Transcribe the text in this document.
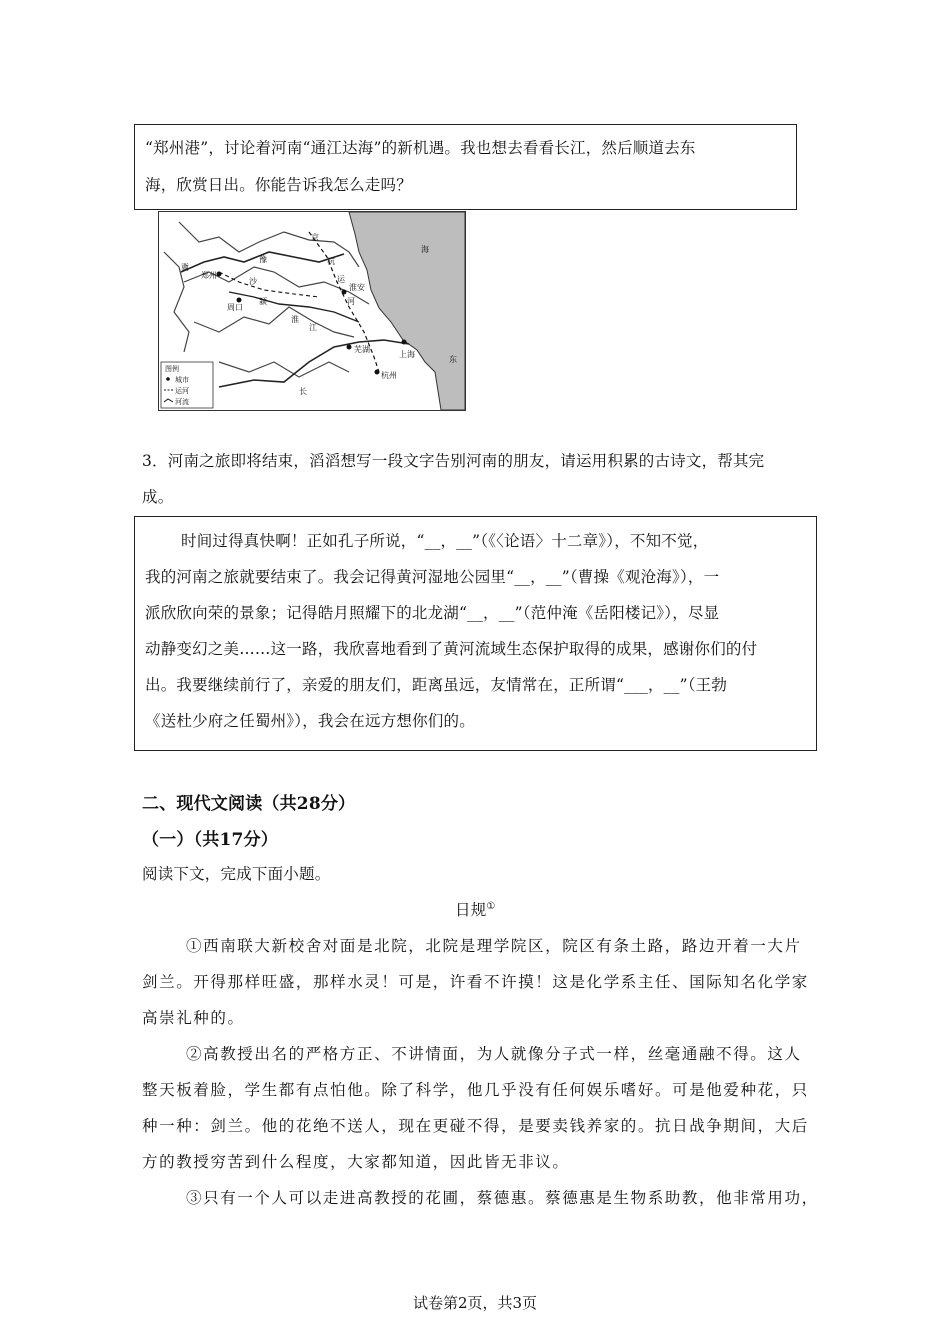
“郑州港”，讨论着河南“通江达海”的新机遇。我也想去看看长江，然后顺道去东
海，欣赏日出。你能告诉我怎么走吗？
冀
豫
京
杭
运
河
郑州
周口
淮安
沙
颍
淮
江
芜湖
上海
杭州
长
海
东
图例
城市
运河
河流
3．河南之旅即将结束，滔滔想写一段文字告别河南的朋友，请运用积累的古诗文，帮其完
成。
时间过得真快啊！正如孔子所说，“__，__”（《〈论语〉十二章》），不知不觉，
我的河南之旅就要结束了。我会记得黄河湿地公园里“__，__”（曹操《观沧海》），一
派欣欣向荣的景象；记得皓月照耀下的北龙湖“__，__”（范仲淹《岳阳楼记》），尽显
动静变幻之美……这一路，我欣喜地看到了黄河流域生态保护取得的成果，感谢你们的付
出。我要继续前行了，亲爱的朋友们，距离虽远，友情常在，正所谓“___，__”（王勃
《送杜少府之任蜀州》），我会在远方想你们的。
二、现代文阅读（共28分）
（一）（共17分）
阅读下文，完成下面小题。
日规①
①西南联大新校舍对面是北院，北院是理学院区，院区有条土路，路边开着一大片
剑兰。开得那样旺盛，那样水灵！可是，许看不许摸！这是化学系主任、国际知名化学家
高崇礼种的。
②高教授出名的严格方正、不讲情面，为人就像分子式一样，丝毫通融不得。这人
整天板着脸，学生都有点怕他。除了科学，他几乎没有任何娱乐嗜好。可是他爱种花，只
种一种：剑兰。他的花绝不送人，现在更碰不得，是要卖钱养家的。抗日战争期间，大后
方的教授穷苦到什么程度，大家都知道，因此皆无非议。
③只有一个人可以走进高教授的花圃，蔡德惠。蔡德惠是生物系助教，他非常用功，
试卷第2页，共3页
